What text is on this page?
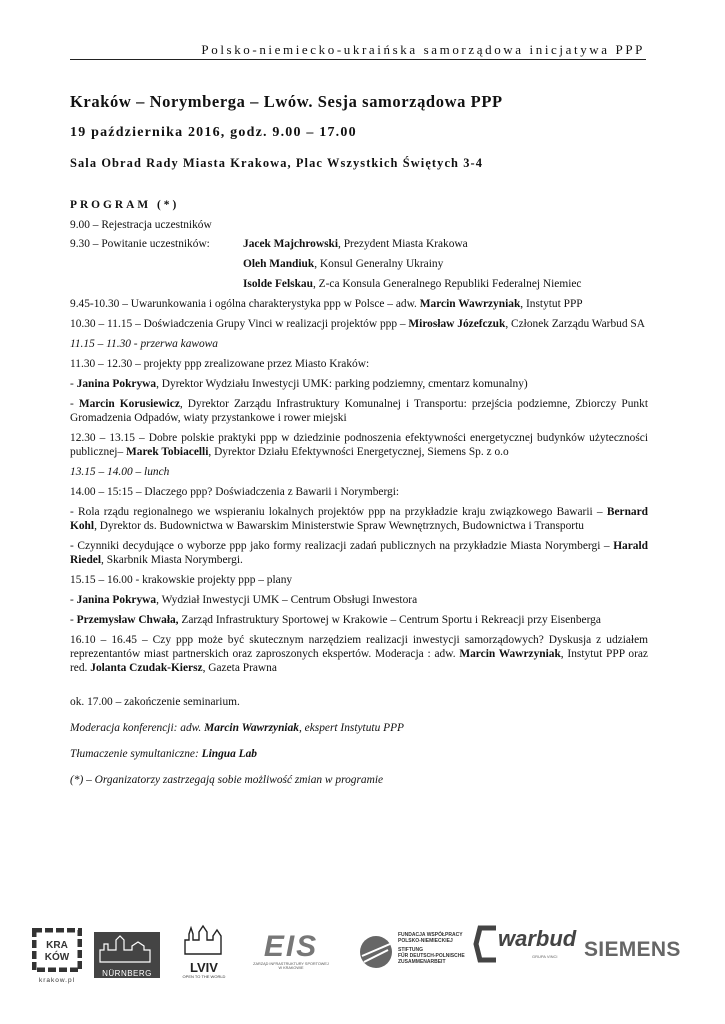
Polsko-niemiecko-ukraińska samorządowa inicjatywa PPP
Kraków – Norymberga – Lwów. Sesja samorządowa PPP
19 października 2016, godz. 9.00 – 17.00
Sala Obrad Rady Miasta Krakowa, Plac Wszystkich Świętych 3-4
PROGRAM (*)
9.00 – Rejestracja uczestników
9.30 – Powitanie uczestników:	Jacek Majchrowski, Prezydent Miasta Krakowa
Oleh Mandiuk, Konsul Generalny Ukrainy
Isolde Felskau, Z-ca Konsula Generalnego Republiki Federalnej Niemiec
9.45-10.30 – Uwarunkowania i ogólna charakterystyka ppp w Polsce – adw. Marcin Wawrzyniak, Instytut PPP
10.30 – 11.15 – Doświadczenia Grupy Vinci w realizacji projektów ppp – Mirosław Józefczuk, Członek Zarządu Warbud SA
11.15 – 11.30 - przerwa kawowa
11.30 – 12.30 – projekty ppp zrealizowane przez Miasto Kraków:
- Janina Pokrywa, Dyrektor Wydziału Inwestycji UMK: parking podziemny, cmentarz komunalny)
- Marcin Korusiewicz, Dyrektor Zarządu Infrastruktury Komunalnej i Transportu: przejścia podziemne, Zbiorczy Punkt Gromadzenia Odpadów, wiaty przystankowe i rower miejski
12.30 – 13.15 – Dobre polskie praktyki ppp w dziedzinie podnoszenia efektywności energetycznej budynków użyteczności publicznej– Marek Tobiacelli, Dyrektor Działu Efektywności Energetycznej, Siemens Sp. z o.o
13.15 – 14.00 – lunch
14.00 – 15:15 – Dlaczego ppp? Doświadczenia z Bawarii i Norymbergi:
- Rola rządu regionalnego we wspieraniu lokalnych projektów ppp na przykładzie kraju związkowego Bawarii – Bernard Kohl, Dyrektor ds. Budownictwa w Bawarskim Ministerstwie Spraw Wewnętrznych, Budownictwa i Transportu
- Czynniki decydujące o wyborze ppp jako formy realizacji zadań publicznych na przykładzie Miasta Norymbergi – Harald Riedel, Skarbnik Miasta Norymbergi.
15.15 – 16.00 - krakowskie projekty ppp – plany
- Janina Pokrywa, Wydział Inwestycji UMK – Centrum Obsługi Inwestora
- Przemysław Chwała, Zarząd Infrastruktury Sportowej w Krakowie – Centrum Sportu i Rekreacji przy Eisenberga
16.10 – 16.45 – Czy ppp może być skutecznym narzędziem realizacji inwestycji samorządowych? Dyskusja z udziałem reprezentantów miast partnerskich oraz zaproszonych ekspertów. Moderacja : adw. Marcin Wawrzyniak, Instytut PPP oraz red. Jolanta Czudak-Kiersz, Gazeta Prawna
ok. 17.00 – zakończenie seminarium.
Moderacja konferencji: adw. Marcin Wawrzyniak, ekspert Instytutu PPP
Tłumaczenie symultaniczne: Lingua Lab
(*) – Organizatorzy zastrzegają sobie możliwość zmian w programie
KRA
KÓW
krakow.pl
NÜRNBERG	LVIV
OPEN TO THE WORLD
EIS
ZARZĄD INFRASTRUKTURY SPORTOWEJ
W KRAKOWIE
FUNDACJA WSPÓŁPRACY
POLSKO-NIEMIECKIEJ
STIFTUNG
FÜR DEUTSCH-POLNISCHE
ZUSAMMENARBEIT
warbud
GRUPA VINCI SIEMENS
